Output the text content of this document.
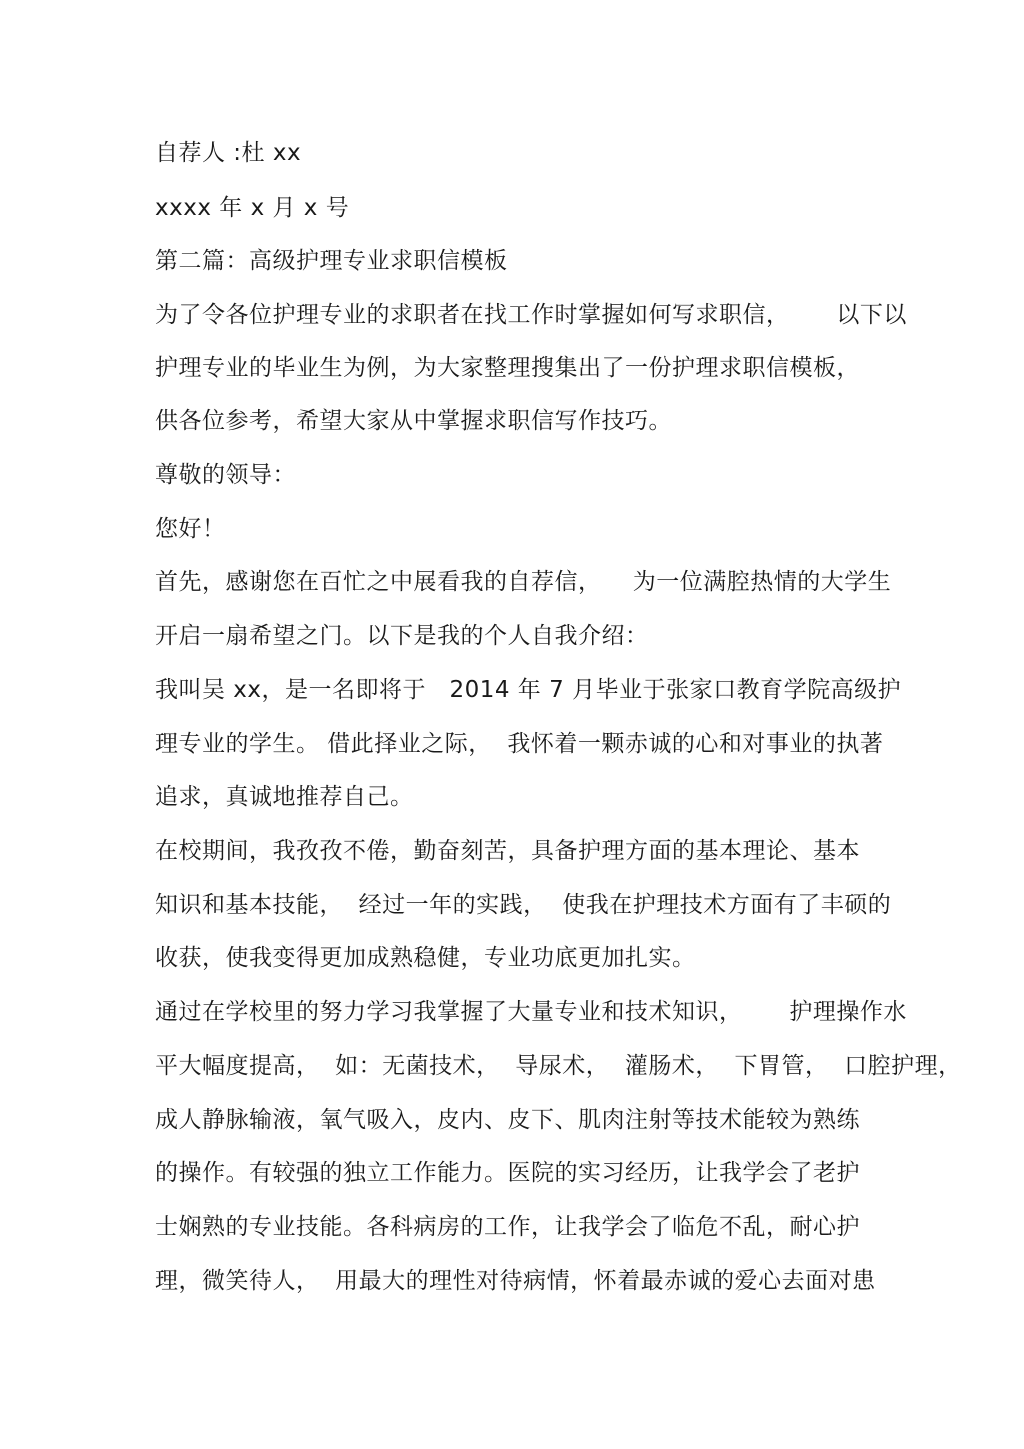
自荐人 :杜 xx
xxxx 年 x 月 x 号
第二篇：高级护理专业求职信模板
为了令各位护理专业的求职者在找工作时掌握如何写求职信，      以下以
护理专业的毕业生为例，为大家整理搜集出了一份护理求职信模板，
供各位参考，希望大家从中掌握求职信写作技巧。
尊敬的领导：
您好！
首先，感谢您在百忙之中展看我的自荐信，    为一位满腔热情的大学生
开启一扇希望之门。以下是我的个人自我介绍：
我叫吴 xx，是一名即将于   2014 年 7 月毕业于张家口教育学院高级护
理专业的学生。 借此择业之际，  我怀着一颗赤诚的心和对事业的执著
追求，真诚地推荐自己。
在校期间，我孜孜不倦，勤奋刻苦，具备护理方面的基本理论、基本
知识和基本技能，  经过一年的实践，  使我在护理技术方面有了丰硕的
收获，使我变得更加成熟稳健，专业功底更加扎实。
通过在学校里的努力学习我掌握了大量专业和技术知识，      护理操作水
平大幅度提高，  如：无菌技术，  导尿术，  灌肠术，  下胃管，  口腔护理，
成人静脉输液，氧气吸入，皮内、皮下、肌肉注射等技术能较为熟练
的操作。有较强的独立工作能力。医院的实习经历，让我学会了老护
士娴熟的专业技能。各科病房的工作，让我学会了临危不乱，耐心护
理，微笑待人，  用最大的理性对待病情，怀着最赤诚的爱心去面对患
